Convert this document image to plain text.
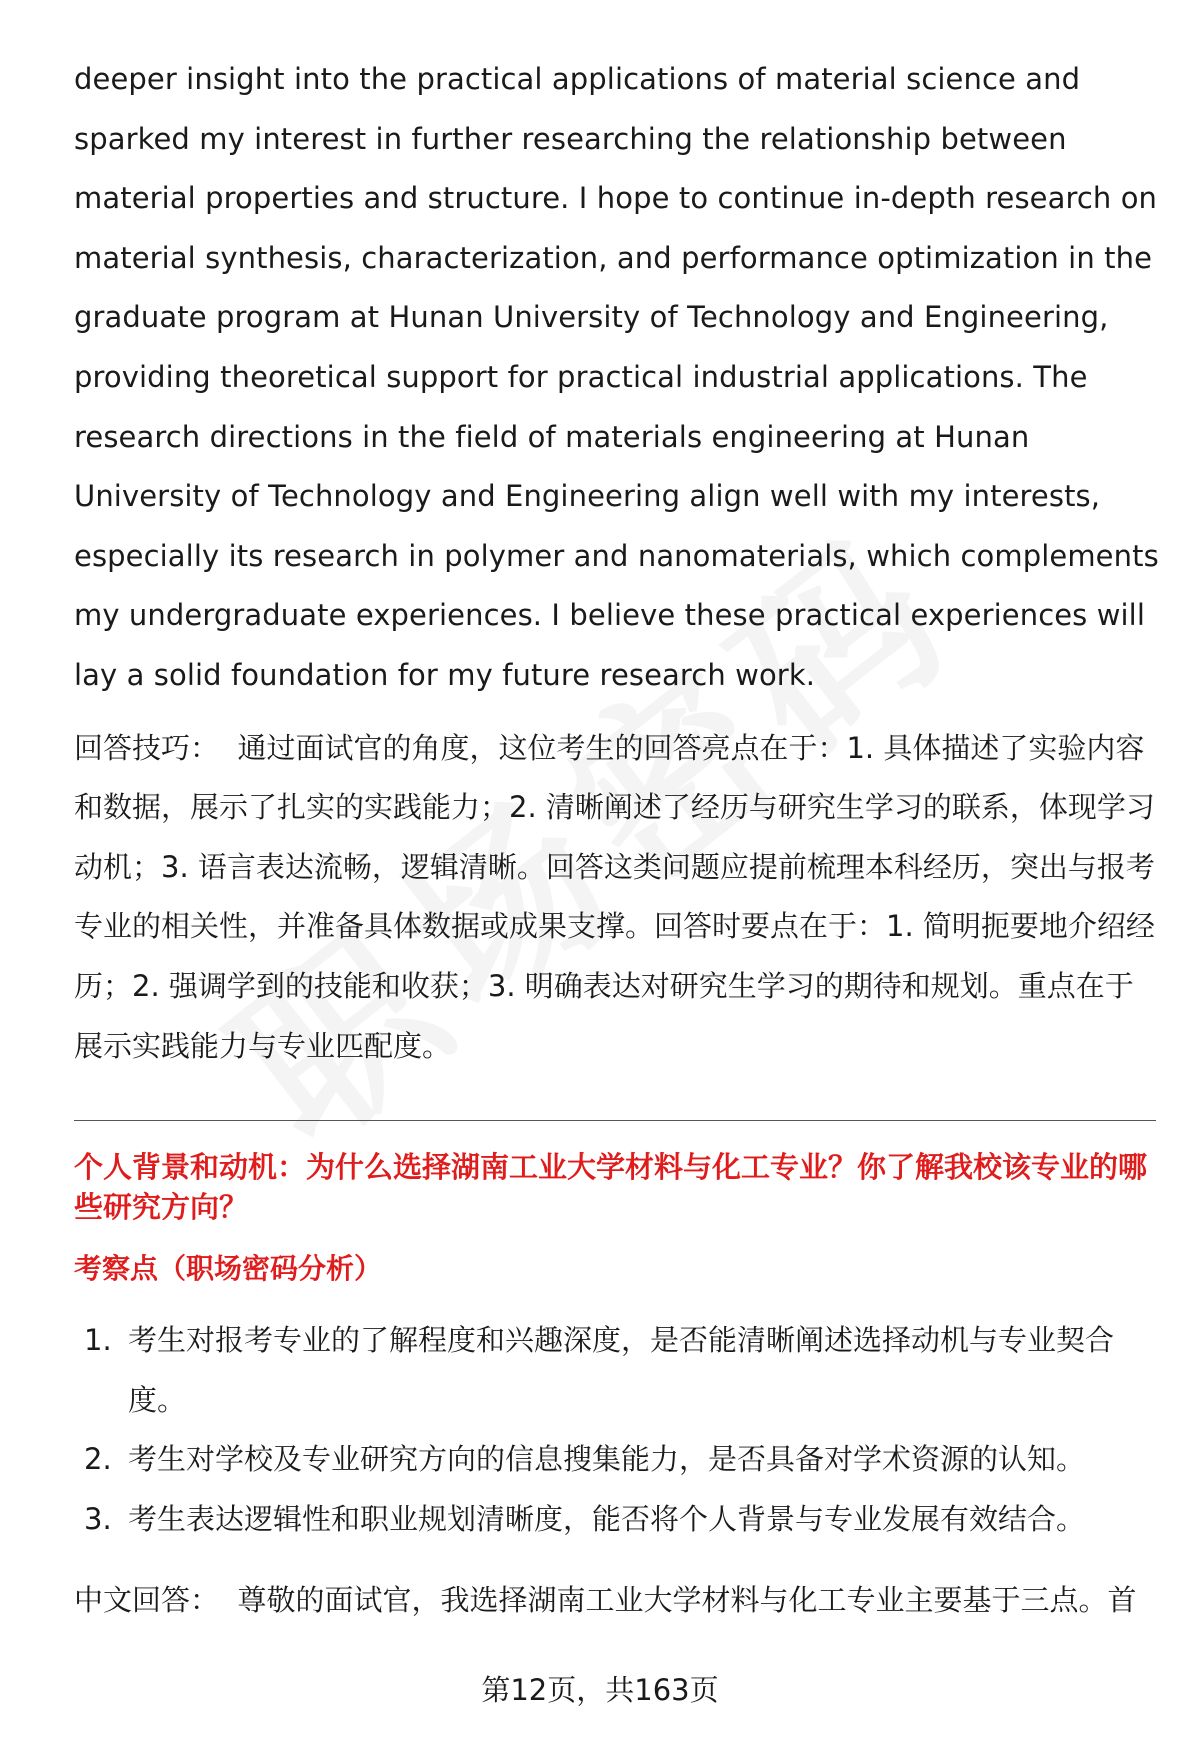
deeper insight into the practical applications of material science and sparked my interest in further researching the relationship between material properties and structure. I hope to continue in-depth research on material synthesis, characterization, and performance optimization in the graduate program at Hunan University of Technology and Engineering, providing theoretical support for practical industrial applications. The research directions in the field of materials engineering at Hunan University of Technology and Engineering align well with my interests, especially its research in polymer and nanomaterials, which complements my undergraduate experiences. I believe these practical experiences will lay a solid foundation for my future research work.

回答技巧： 通过面试官的角度，这位考生的回答亮点在于：1. 具体描述了实验内容和数据，展示了扎实的实践能力；2. 清晰阐述了经历与研究生学习的联系，体现学习动机；3. 语言表达流畅，逻辑清晰。回答这类问题应提前梳理本科经历，突出与报考专业的相关性，并准备具体数据或成果支撑。回答时要点在于：1. 简明扼要地介绍经历；2. 强调学到的技能和收获；3. 明确表达对研究生学习的期待和规划。重点在于展示实践能力与专业匹配度。

个人背景和动机：为什么选择湖南工业大学材料与化工专业？你了解我校该专业的哪些研究方向？

考察点（职场密码分析）

1. 考生对报考专业的了解程度和兴趣深度，是否能清晰阐述选择动机与专业契合度。
2. 考生对学校及专业研究方向的信息搜集能力，是否具备对学术资源的认知。
3. 考生表达逻辑性和职业规划清晰度，能否将个人背景与专业发展有效结合。

中文回答： 尊敬的面试官，我选择湖南工业大学材料与化工专业主要基于三点。首

第12页，共163页
